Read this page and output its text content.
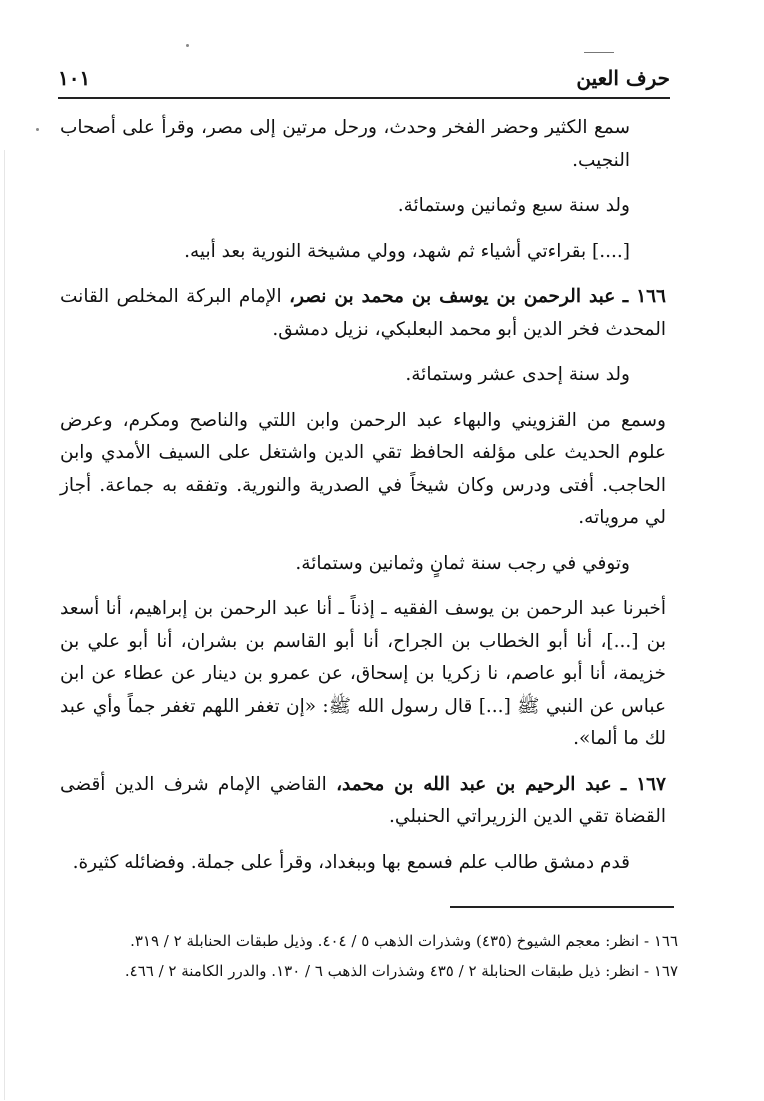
حرف العين
١٠١

سمع الكثير وحضر الفخر وحدث، ورحل مرتين إلى مصر، وقرأ على أصحاب النجيب.

ولد سنة سبع وثمانين وستمائة.

[....] بقراءتي أشياء ثم شهد، وولي مشيخة النورية بعد أبيه.

١٦٦ ـ عبد الرحمن بن يوسف بن محمد بن نصر، الإمام البركة المخلص القانت المحدث فخر الدين أبو محمد البعلبكي، نزيل دمشق.

ولد سنة إحدى عشر وستمائة.

وسمع من القزويني والبهاء عبد الرحمن وابن اللتي والناصح ومكرم، وعرض علوم الحديث على مؤلفه الحافظ تقي الدين واشتغل على السيف الأمدي وابن الحاجب. أفتى ودرس وكان شيخاً في الصدرية والنورية. وتفقه به جماعة. أجاز لي مروياته.

وتوفي في رجب سنة ثمانٍ وثمانين وستمائة.

أخبرنا عبد الرحمن بن يوسف الفقيه ـ إذناً ـ أنا عبد الرحمن بن إبراهيم، أنا أسعد بن [...]، أنا أبو الخطاب بن الجراح، أنا أبو القاسم بن بشران، أنا أبو علي بن خزيمة، أنا أبو عاصم، نا زكريا بن إسحاق، عن عمرو بن دينار عن عطاء عن ابن عباس عن النبي ﷺ [...] قال رسول الله ﷺ: «إن تغفر اللهم تغفر جماً وأي عبد لك ما ألما».

١٦٧ ـ عبد الرحيم بن عبد الله بن محمد، القاضي الإمام شرف الدين أقضى القضاة تقي الدين الزريراتي الحنبلي.

قدم دمشق طالب علم فسمع بها وببغداد، وقرأ على جملة. وفضائله كثيرة.

١٦٦ - انظر: معجم الشيوخ (٤٣٥) وشذرات الذهب ٥ / ٤٠٤. وذيل طبقات الحنابلة ٢ / ٣١٩.

١٦٧ - انظر: ذيل طبقات الحنابلة ٢ / ٤٣٥ وشذرات الذهب ٦ / ١٣٠. والدرر الكامنة ٢ / ٤٦٦.
